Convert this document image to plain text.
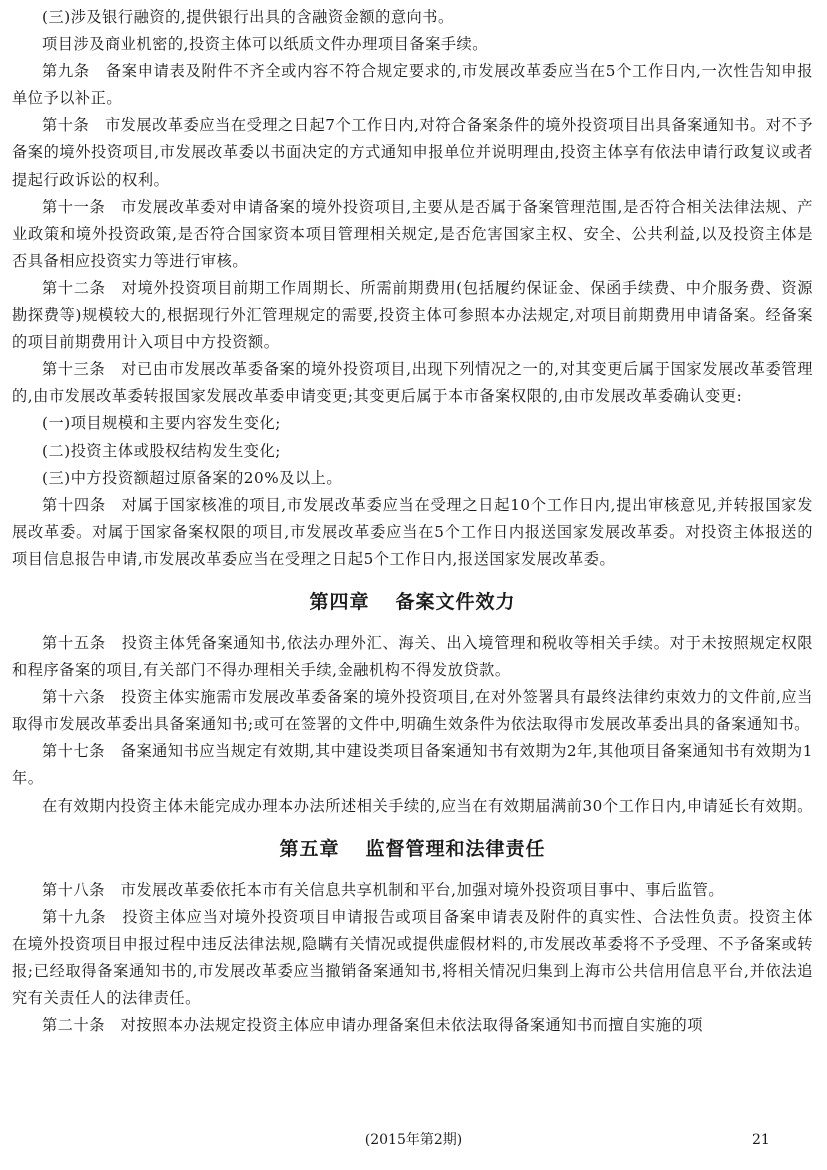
(三)涉及银行融资的,提供银行出具的含融资金额的意向书。

项目涉及商业机密的,投资主体可以纸质文件办理项目备案手续。

第九条　备案申请表及附件不齐全或内容不符合规定要求的,市发展改革委应当在5个工作日内,一次性告知申报单位予以补正。

第十条　市发展改革委应当在受理之日起7个工作日内,对符合备案条件的境外投资项目出具备案通知书。对不予备案的境外投资项目,市发展改革委以书面决定的方式通知申报单位并说明理由,投资主体享有依法申请行政复议或者提起行政诉讼的权利。

第十一条　市发展改革委对申请备案的境外投资项目,主要从是否属于备案管理范围,是否符合相关法律法规、产业政策和境外投资政策,是否符合国家资本项目管理相关规定,是否危害国家主权、安全、公共利益,以及投资主体是否具备相应投资实力等进行审核。

第十二条　对境外投资项目前期工作周期长、所需前期费用(包括履约保证金、保函手续费、中介服务费、资源勘探费等)规模较大的,根据现行外汇管理规定的需要,投资主体可参照本办法规定,对项目前期费用申请备案。经备案的项目前期费用计入项目中方投资额。

第十三条　对已由市发展改革委备案的境外投资项目,出现下列情况之一的,对其变更后属于国家发展改革委管理的,由市发展改革委转报国家发展改革委申请变更;其变更后属于本市备案权限的,由市发展改革委确认变更:

(一)项目规模和主要内容发生变化;

(二)投资主体或股权结构发生变化;

(三)中方投资额超过原备案的20%及以上。

第十四条　对属于国家核准的项目,市发展改革委应当在受理之日起10个工作日内,提出审核意见,并转报国家发展改革委。对属于国家备案权限的项目,市发展改革委应当在5个工作日内报送国家发展改革委。对投资主体报送的项目信息报告申请,市发展改革委应当在受理之日起5个工作日内,报送国家发展改革委。

第四章 备案文件效力

第十五条　投资主体凭备案通知书,依法办理外汇、海关、出入境管理和税收等相关手续。对于未按照规定权限和程序备案的项目,有关部门不得办理相关手续,金融机构不得发放贷款。

第十六条　投资主体实施需市发展改革委备案的境外投资项目,在对外签署具有最终法律约束效力的文件前,应当取得市发展改革委出具备案通知书;或可在签署的文件中,明确生效条件为依法取得市发展改革委出具的备案通知书。

第十七条　备案通知书应当规定有效期,其中建设类项目备案通知书有效期为2年,其他项目备案通知书有效期为1年。

在有效期内投资主体未能完成办理本办法所述相关手续的,应当在有效期届满前30个工作日内,申请延长有效期。

第五章 监督管理和法律责任

第十八条　市发展改革委依托本市有关信息共享机制和平台,加强对境外投资项目事中、事后监管。

第十九条　投资主体应当对境外投资项目申请报告或项目备案申请表及附件的真实性、合法性负责。投资主体在境外投资项目申报过程中违反法律法规,隐瞒有关情况或提供虚假材料的,市发展改革委将不予受理、不予备案或转报;已经取得备案通知书的,市发展改革委应当撤销备案通知书,将相关情况归集到上海市公共信用信息平台,并依法追究有关责任人的法律责任。

第二十条　对按照本办法规定投资主体应申请办理备案但未依法取得备案通知书而擅自实施的项

(2015年第2期)	21
